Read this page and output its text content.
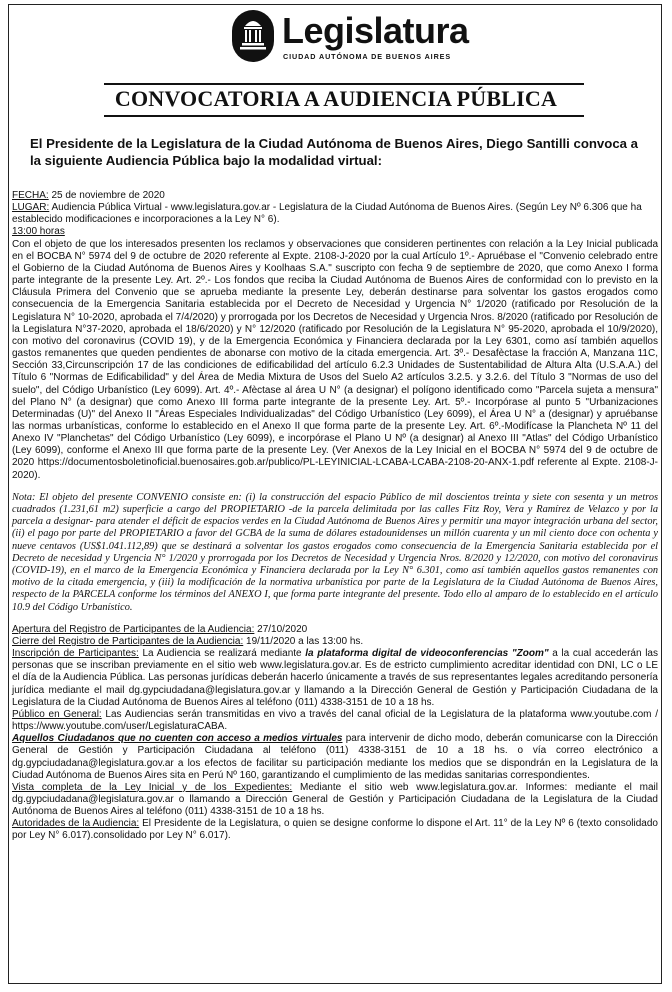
Legislatura
CIUDAD AUTÓNOMA DE BUENOS AIRES
CONVOCATORIA A AUDIENCIA PÚBLICA
El Presidente de la Legislatura de la Ciudad Autónoma de Buenos Aires, Diego Santilli convoca a la siguiente Audiencia Pública bajo la modalidad virtual:

FECHA: 25 de noviembre de 2020

LUGAR: Audiencia Pública Virtual - www.legislatura.gov.ar - Legislatura de la Ciudad Autónoma de Buenos Aires. (Según Ley Nº 6.306 que ha establecido modificaciones e incorporaciones a la Ley N° 6).

13:00 horas

Con el objeto de que los interesados presenten los reclamos y observaciones que consideren pertinentes con relación a la Ley Inicial publicada en el BOCBA N° 5974 del 9 de octubre de 2020 referente al Expte. 2108-J-2020 por la cual Artículo 1º.- Apruébase el "Convenio celebrado entre el Gobierno de la Ciudad Autónoma de Buenos Aires y Koolhaas S.A." suscripto con fecha 9 de septiembre de 2020, que como Anexo I forma parte integrante de la presente Ley. Art. 2º.- Los fondos que reciba la Ciudad Autónoma de Buenos Aires de conformidad con lo previsto en la Cláusula Primera del Convenio que se aprueba mediante la presente Ley, deberán destinarse para solventar los gastos erogados como consecuencia de la Emergencia Sanitaria establecida por el Decreto de Necesidad y Urgencia N° 1/2020 (ratificado por Resolución de la Legislatura N° 10-2020, aprobada el 7/4/2020) y prorrogada por los Decretos de Necesidad y Urgencia Nros. 8/2020 (ratificado por Resolución de la Legislatura N°37-2020, aprobada el 18/6/2020) y N° 12/2020 (ratificado por Resolución de la Legislatura N° 95-2020, aprobada el 10/9/2020), con motivo del coronavirus (COVID 19), y de la Emergencia Económica y Financiera declarada por la Ley 6301, como así también aquellos gastos remanentes que queden pendientes de abonarse con motivo de la citada emergencia. Art. 3º.- Desafèctase la fracción A, Manzana 11C, Sección 33,Circunscripción 17 de las condiciones de edificabilidad del artículo 6.2.3 Unidades de Sustentabilidad de Altura Alta (U.S.A.A.) del Título 6 "Normas de Edificabilidad" y del Área de Media Mixtura de Usos del Suelo A2 artículos 3.2.5. y 3.2.6. del Título 3 "Normas de uso del suelo", del Código Urbanístico (Ley 6099). Art. 4º.- Afèctase al área U N° (a designar) el polígono identificado como "Parcela sujeta a mensura" del Plano N° (a designar) que como Anexo III forma parte integrante de la presente Ley. Art. 5º.- Incorpórase al punto 5 "Urbanizaciones Determinadas (U)" del Anexo II "Áreas Especiales Individualizadas" del Código Urbanístico (Ley 6099), el Área U N° a (designar) y apruébanse las normas urbanísticas, conforme lo establecido en el Anexo II que forma parte de la presente Ley. Art. 6º.-Modifícase la Plancheta Nº 11 del Anexo IV "Planchetas" del Código Urbanístico (Ley 6099), e incorpórase el Plano U Nº (a designar) al Anexo III "Atlas" del Código Urbanístico (Ley 6099), conforme el Anexo III que forma parte de la presente Ley. (Ver Anexos de la Ley Inicial en el BOCBA N° 5974 del 9 de octubre de 2020 https://documentosboletinoficial.buenosaires.gob.ar/publico/PL-LEYINICIAL-LCABA-LCABA-2108-20-ANX-1.pdf referente al Expte. 2108-J-2020).

Nota: El objeto del presente CONVENIO consiste en: (i) la construcción del espacio Público de mil doscientos treinta y siete con sesenta y un metros cuadrados (1.231,61 m2) superficie a cargo del PROPIETARIO -de la parcela delimitada por las calles Fitz Roy, Vera y Ramírez de Velazco y por la parcela a designar- para atender el déficit de espacios verdes en la Ciudad Autónoma de Buenos Aires y permitir una mayor integración urbana del sector, (ii) el pago por parte del PROPIETARIO a favor del GCBA de la suma de dólares estadounidenses un millón cuarenta y un mil ciento doce con ochenta y nueve centavos (US$1.041.112,89) que se destinará a solventar los gastos erogados como consecuencia de la Emergencia Sanitaria establecida por el Decreto de necesidad y Urgencia N° 1/2020 y prorrogada por los Decretos de Necesidad y Urgencia Nros. 8/2020 y 12/2020, con motivo del coronavirus (COVID-19), en el marco de la Emergencia Económica y Financiera declarada por la Ley N° 6.301, como así también aquellos gastos remanentes con motivo de la citada emergencia, y (iii) la modificación de la normativa urbanística por parte de la Legislatura de la Ciudad Autónoma de Buenos Aires, respecto de la PARCELA conforme los términos del ANEXO I, que forma parte integrante del presente. Todo ello al amparo de lo establecido en el artículo 10.9 del Código Urbanístico.

Apertura del Registro de Participantes de la Audiencia: 27/10/2020

Cierre del Registro de Participantes de la Audiencia: 19/11/2020 a las 13:00 hs.

Inscripción de Participantes: La Audiencia se realizará mediante la plataforma digital de videoconferencias "Zoom" a la cual accederán las personas que se inscriban previamente en el sitio web www.legislatura.gov.ar. Es de estricto cumplimiento acreditar identidad con DNI, LC o LE el día de la Audiencia Pública. Las personas jurídicas deberán hacerlo únicamente a través de sus representantes legales acreditando personería jurídica mediante el mail dg.gypciudadana@legislatura.gov.ar y llamando a la Dirección General de Gestión y Participación Ciudadana de la Legislatura de la Ciudad Autónoma de Buenos Aires al teléfono (011) 4338-3151 de 10 a 18 hs.

Público en General: Las Audiencias serán transmitidas en vivo a través del canal oficial de la Legislatura de la plataforma www.youtube.com / https://www.youtube.com/user/LegislaturaCABA.

Aquellos Ciudadanos que no cuenten con acceso a medios virtuales para intervenir de dicho modo, deberán comunicarse con la Dirección General de Gestión y Participación Ciudadana al teléfono (011) 4338-3151 de 10 a 18 hs. o vía correo electrónico a dg.gypciudadana@legislatura.gov.ar a los efectos de facilitar su participación mediante los medios que se dispondrán en la Legislatura de la Ciudad Autónoma de Buenos Aires sita en Perú Nº 160, garantizando el cumplimiento de las medidas sanitarias correspondientes.

Vista completa de la Ley Inicial y de los Expedientes: Mediante el sitio web www.legislatura.gov.ar. Informes: mediante el mail dg.gypciudadana@legislatura.gov.ar o llamando a Dirección General de Gestión y Participación Ciudadana de la Legislatura de la Ciudad Autónoma de Buenos Aires al teléfono (011) 4338-3151 de 10 a 18 hs.

Autoridades de la Audiencia: El Presidente de la Legislatura, o quien se designe conforme lo dispone el Art. 11° de la Ley Nº 6 (texto consolidado por Ley N° 6.017).consolidado por Ley N° 6.017).
